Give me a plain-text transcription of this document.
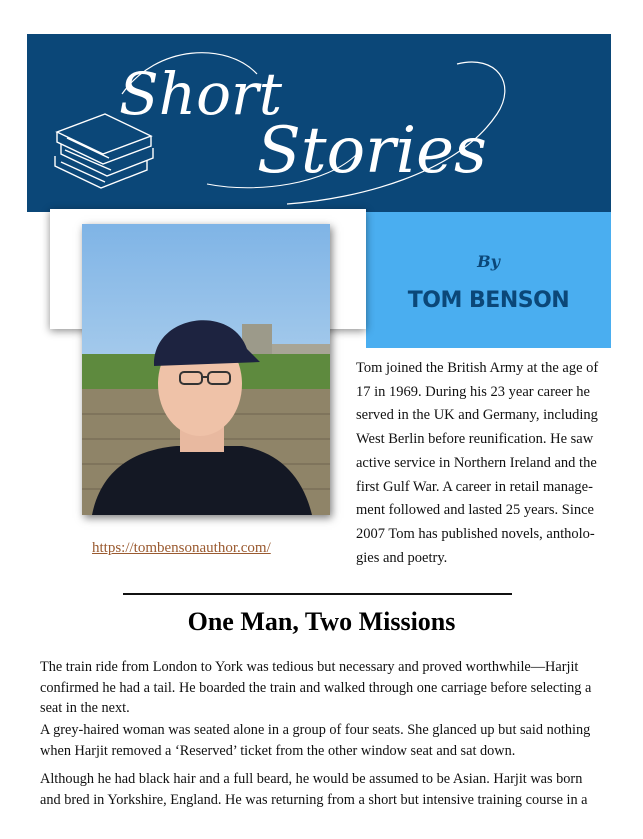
Short
Stories
By
TOM BENSON
https://tombensonauthor.com/
Tom joined the British Army at the age of 17 in 1969. During his 23 year career he served in the UK and Germany, including West Berlin before reunification. He saw active service in Northern Ireland and the first Gulf War. A career in retail manage-ment followed and lasted 25 years. Since 2007 Tom has published novels, antholo-gies and poetry.
One Man, Two Missions

The train ride from London to York was tedious but necessary and proved worthwhile—Harjit confirmed he had a tail. He boarded the train and walked through one carriage before selecting a seat in the next.

A grey-haired woman was seated alone in a group of four seats. She glanced up but said nothing when Harjit removed a ‘Reserved’ ticket from the other window seat and sat down.

Although he had black hair and a full beard, he would be assumed to be Asian. Harjit was born and bred in Yorkshire, England. He was returning from a short but intensive training course in a
